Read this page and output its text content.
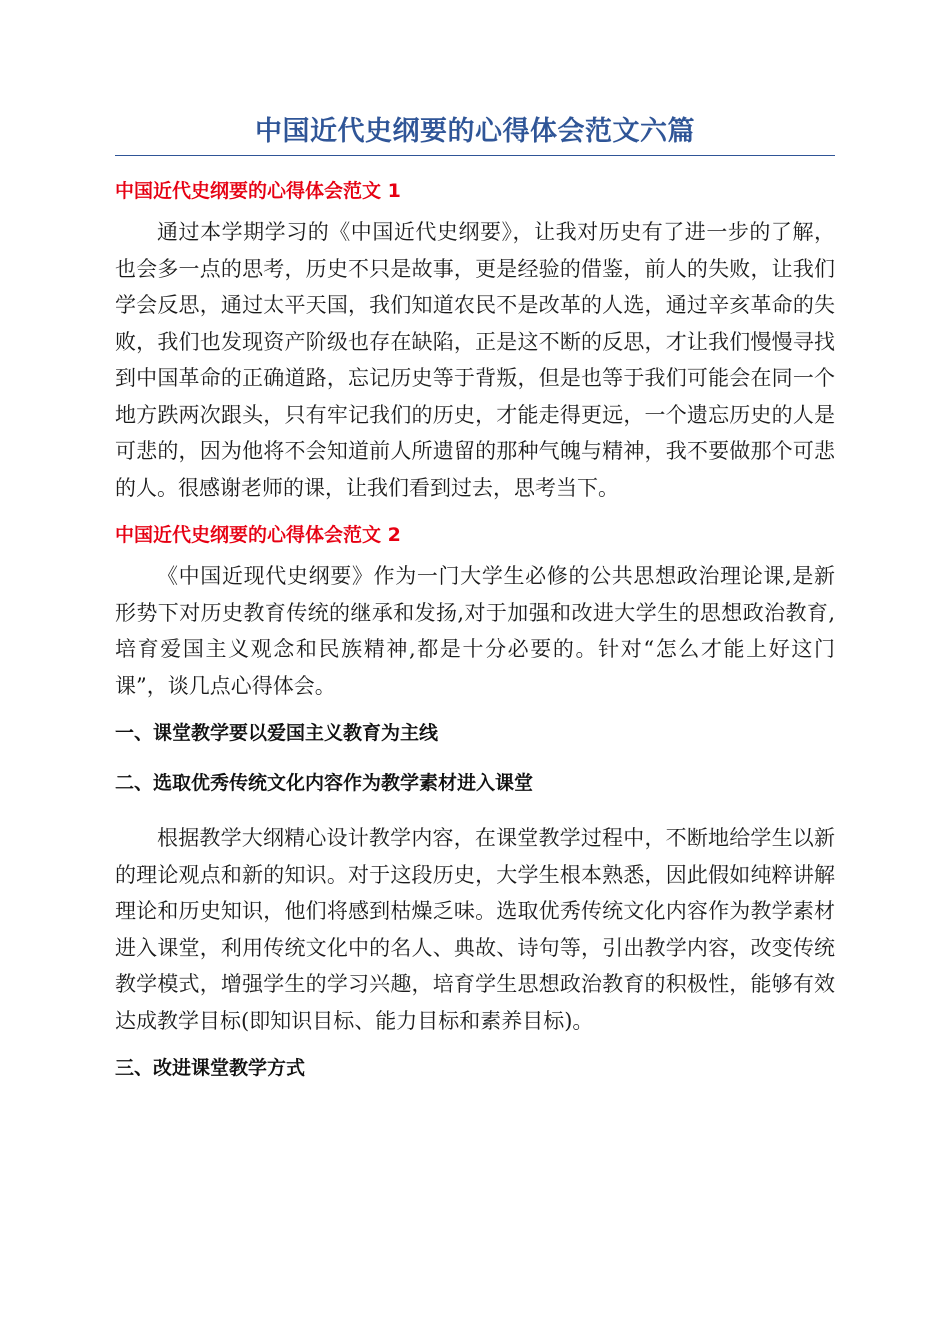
中国近代史纲要的心得体会范文六篇
中国近代史纲要的心得体会范文 1

通过本学期学习的《中国近代史纲要》，让我对历史有了进一步的了解，也会多一点的思考，历史不只是故事，更是经验的借鉴，前人的失败，让我们学会反思，通过太平天国，我们知道农民不是改革的人选，通过辛亥革命的失败，我们也发现资产阶级也存在缺陷，正是这不断的反思，才让我们慢慢寻找到中国革命的正确道路，忘记历史等于背叛，但是也等于我们可能会在同一个地方跌两次跟头，只有牢记我们的历史，才能走得更远，一个遗忘历史的人是可悲的，因为他将不会知道前人所遗留的那种气魄与精神，我不要做那个可悲的人。很感谢老师的课，让我们看到过去，思考当下。

中国近代史纲要的心得体会范文 2

《中国近现代史纲要》作为一门大学生必修的公共思想政治理论课,是新形势下对历史教育传统的继承和发扬,对于加强和改进大学生的思想政治教育,培育爱国主义观念和民族精神,都是十分必要的。针对“怎么才能上好这门课”，谈几点心得体会。

一、课堂教学要以爱国主义教育为主线
二、选取优秀传统文化内容作为教学素材进入课堂

根据教学大纲精心设计教学内容，在课堂教学过程中，不断地给学生以新的理论观点和新的知识。对于这段历史，大学生根本熟悉，因此假如纯粹讲解理论和历史知识，他们将感到枯燥乏味。选取优秀传统文化内容作为教学素材进入课堂，利用传统文化中的名人、典故、诗句等，引出教学内容，改变传统教学模式，增强学生的学习兴趣，培育学生思想政治教育的积极性，能够有效达成教学目标(即知识目标、能力目标和素养目标)。

三、改进课堂教学方式
